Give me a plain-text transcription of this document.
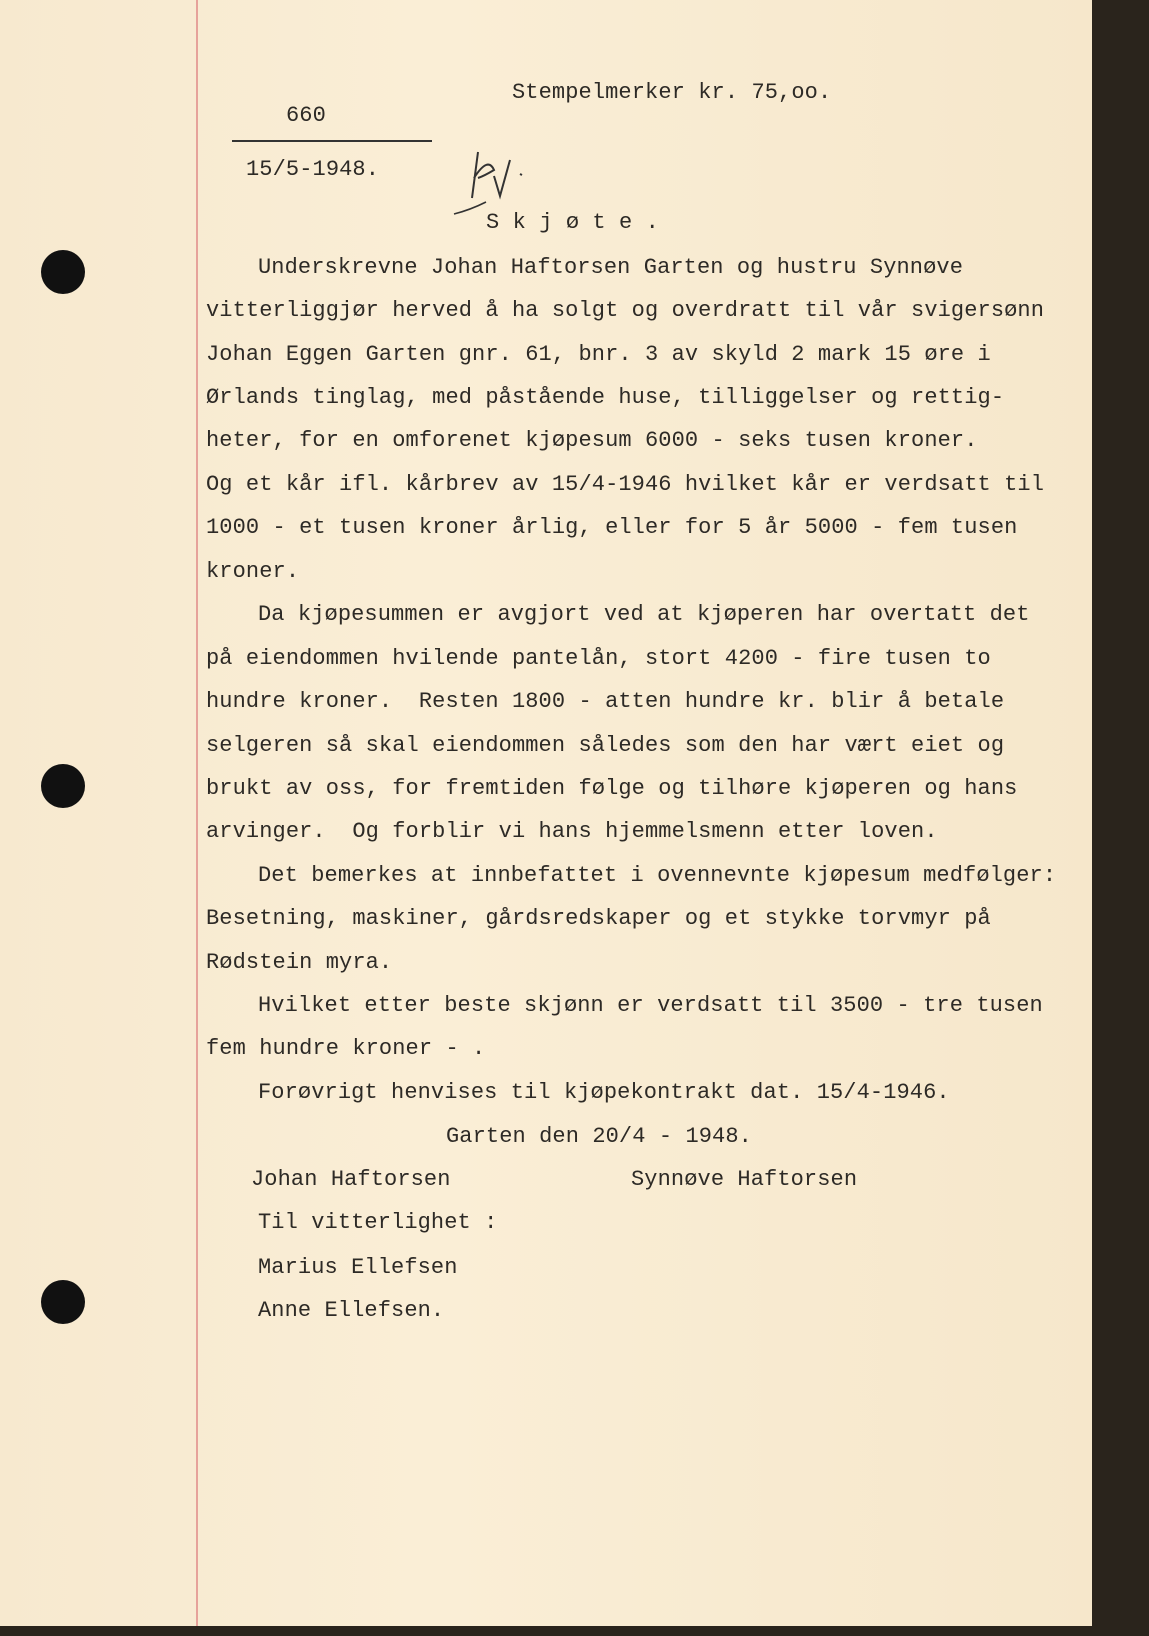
Stempelmerker kr. 75,oo.
660
15/5-1948.
S k j ø t e .
Underskrevne Johan Haftorsen Garten og hustru Synnøve
vitterliggjør herved å ha solgt og overdratt til vår svigersønn
Johan Eggen Garten gnr. 61, bnr. 3 av skyld 2 mark 15 øre i
Ørlands tinglag, med påstående huse, tilliggelser og rettig-
heter, for en omforenet kjøpesum 6000 - seks tusen kroner.
Og et kår ifl. kårbrev av 15/4-1946 hvilket kår er verdsatt til
1000 - et tusen kroner årlig, eller for 5 år 5000 - fem tusen
kroner.
Da kjøpesummen er avgjort ved at kjøperen har overtatt det
på eiendommen hvilende pantelån, stort 4200 - fire tusen to
hundre kroner.  Resten 1800 - atten hundre kr. blir å betale
selgeren så skal eiendommen således som den har vært eiet og
brukt av oss, for fremtiden følge og tilhøre kjøperen og hans
arvinger.  Og forblir vi hans hjemmelsmenn etter loven.
Det bemerkes at innbefattet i ovennevnte kjøpesum medfølger:
Besetning, maskiner, gårdsredskaper og et stykke torvmyr på
Rødstein myra.
Hvilket etter beste skjønn er verdsatt til 3500 - tre tusen
fem hundre kroner - .
Forøvrigt henvises til kjøpekontrakt dat. 15/4-1946.
Garten den 20/4 - 1948.
Johan Haftorsen	Synnøve Haftorsen
Til vitterlighet :
Marius Ellefsen
Anne Ellefsen.
